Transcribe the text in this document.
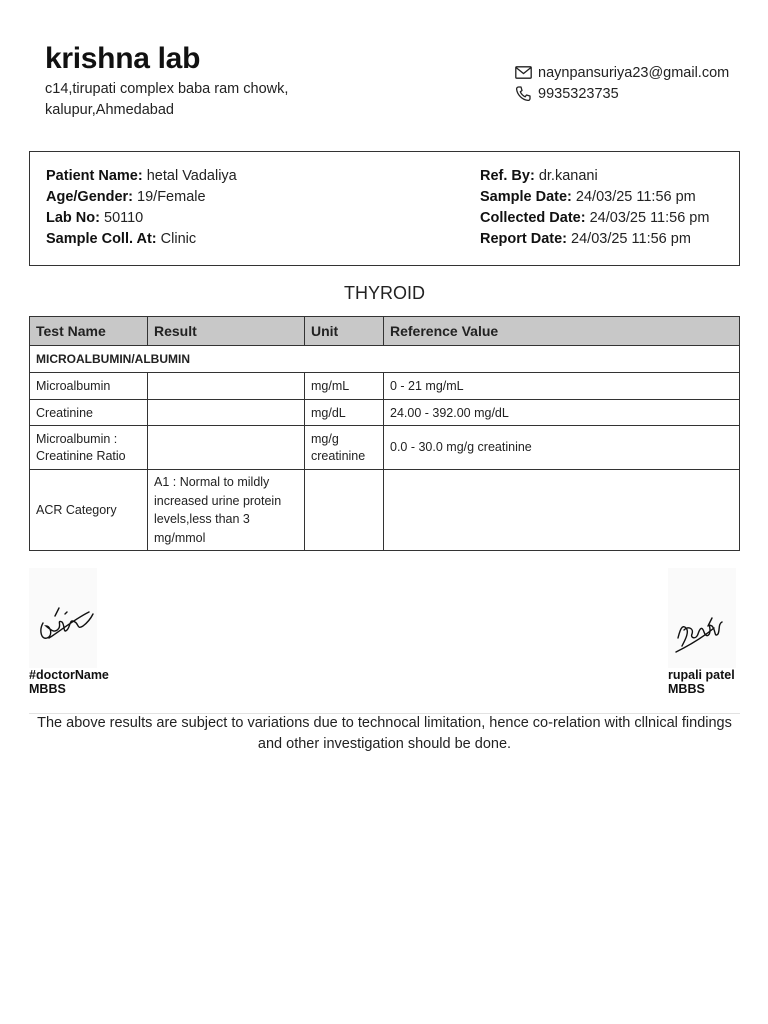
krishna lab
c14,tirupati complex baba ram chowk, kalupur,Ahmedabad
naynpansuriya23@gmail.com
9935323735
Patient Name: hetal Vadaliya
Age/Gender: 19/Female
Lab No: 50110
Sample Coll. At: Clinic
Ref. By: dr.kanani
Sample Date: 24/03/25 11:56 pm
Collected Date: 24/03/25 11:56 pm
Report Date: 24/03/25 11:56 pm
THYROID
Test Name	Result	Unit	Reference Value
MICROALBUMIN/ALBUMIN			
Microalbumin		mg/mL	0 - 21 mg/mL
Creatinine		mg/dL	24.00 - 392.00 mg/dL
Microalbumin : Creatinine Ratio		mg/g creatinine	0.0 - 30.0 mg/g creatinine
ACR Category	A1 : Normal to mildly increased urine protein levels,less than 3 mg/mmol		
#doctorName
MBBS
rupali patel
MBBS
The above results are subject to variations due to technocal limitation, hence co-relation with cllnical findings and other investigation should be done.
